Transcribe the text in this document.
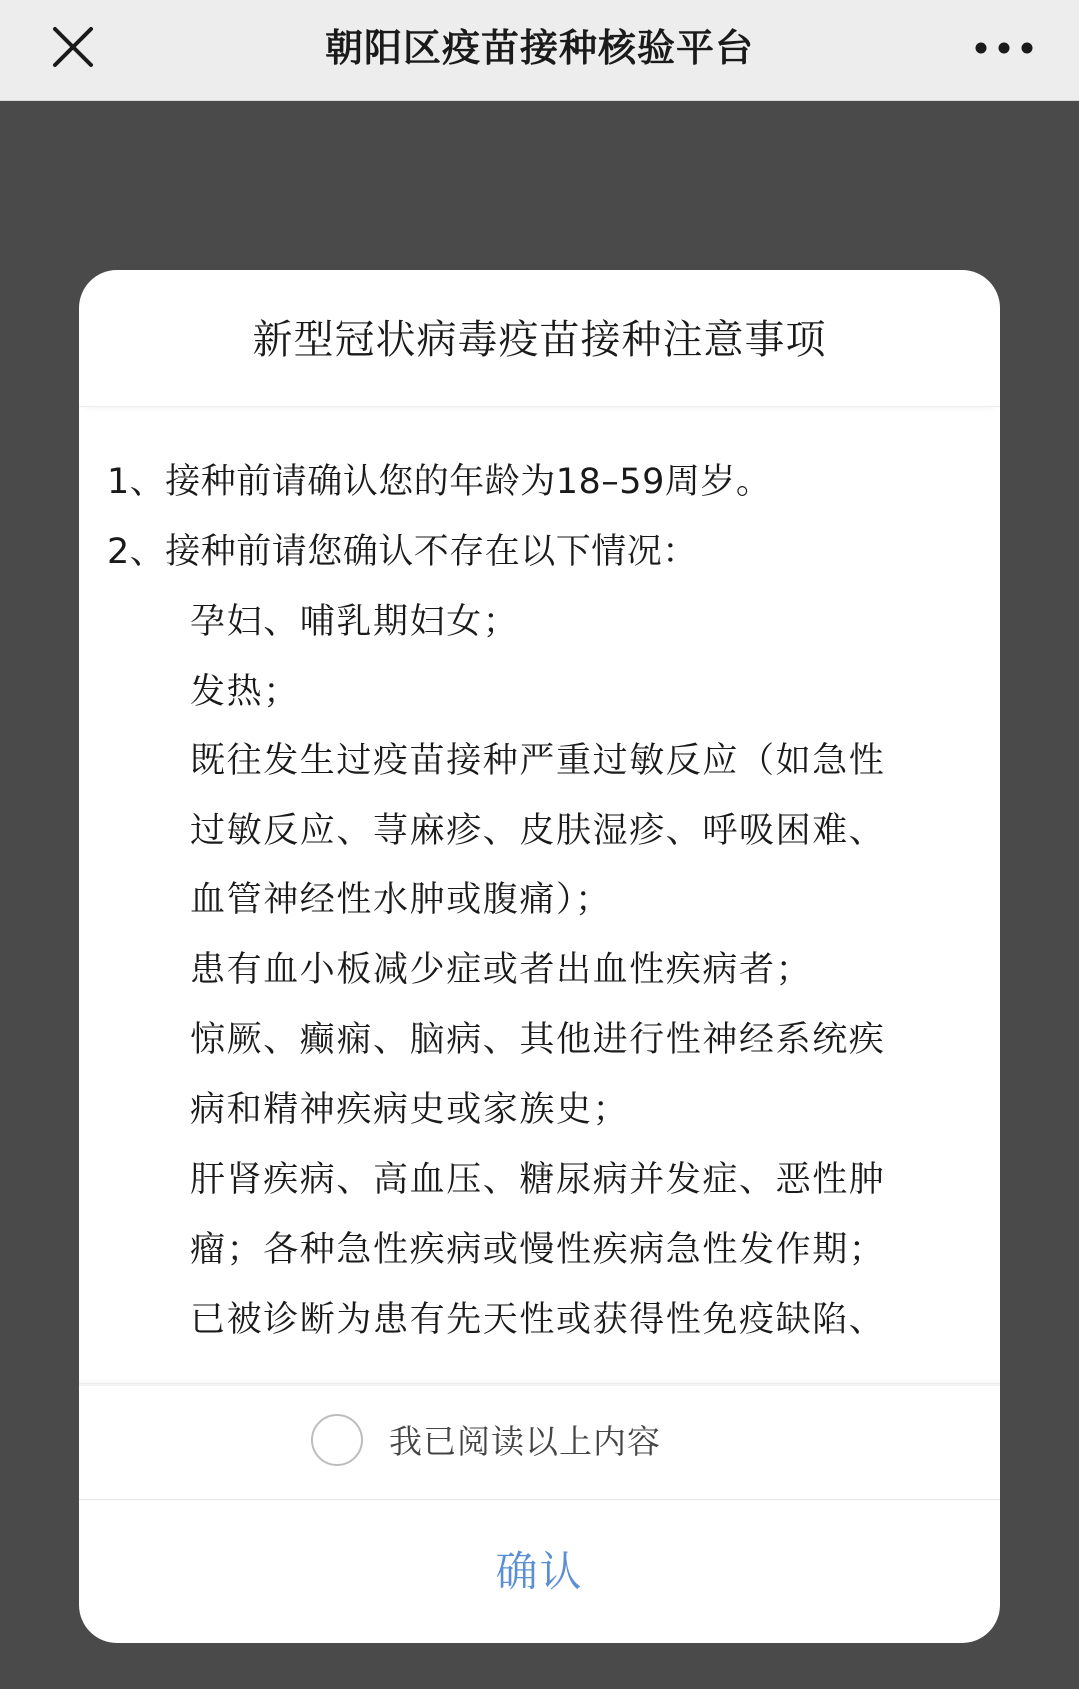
朝阳区疫苗接种核验平台
新型冠状病毒疫苗接种注意事项
1、接种前请确认您的年龄为18–59周岁。
2、接种前请您确认不存在以下情况：
孕妇、哺乳期妇女；
发热；
既往发生过疫苗接种严重过敏反应（如急性
过敏反应、荨麻疹、皮肤湿疹、呼吸困难、
血管神经性水肿或腹痛）；
患有血小板减少症或者出血性疾病者；
惊厥、癫痫、脑病、其他进行性神经系统疾
病和精神疾病史或家族史；
肝肾疾病、高血压、糖尿病并发症、恶性肿
瘤；各种急性疾病或慢性疾病急性发作期；
已被诊断为患有先天性或获得性免疫缺陷、
我已阅读以上内容
确认
